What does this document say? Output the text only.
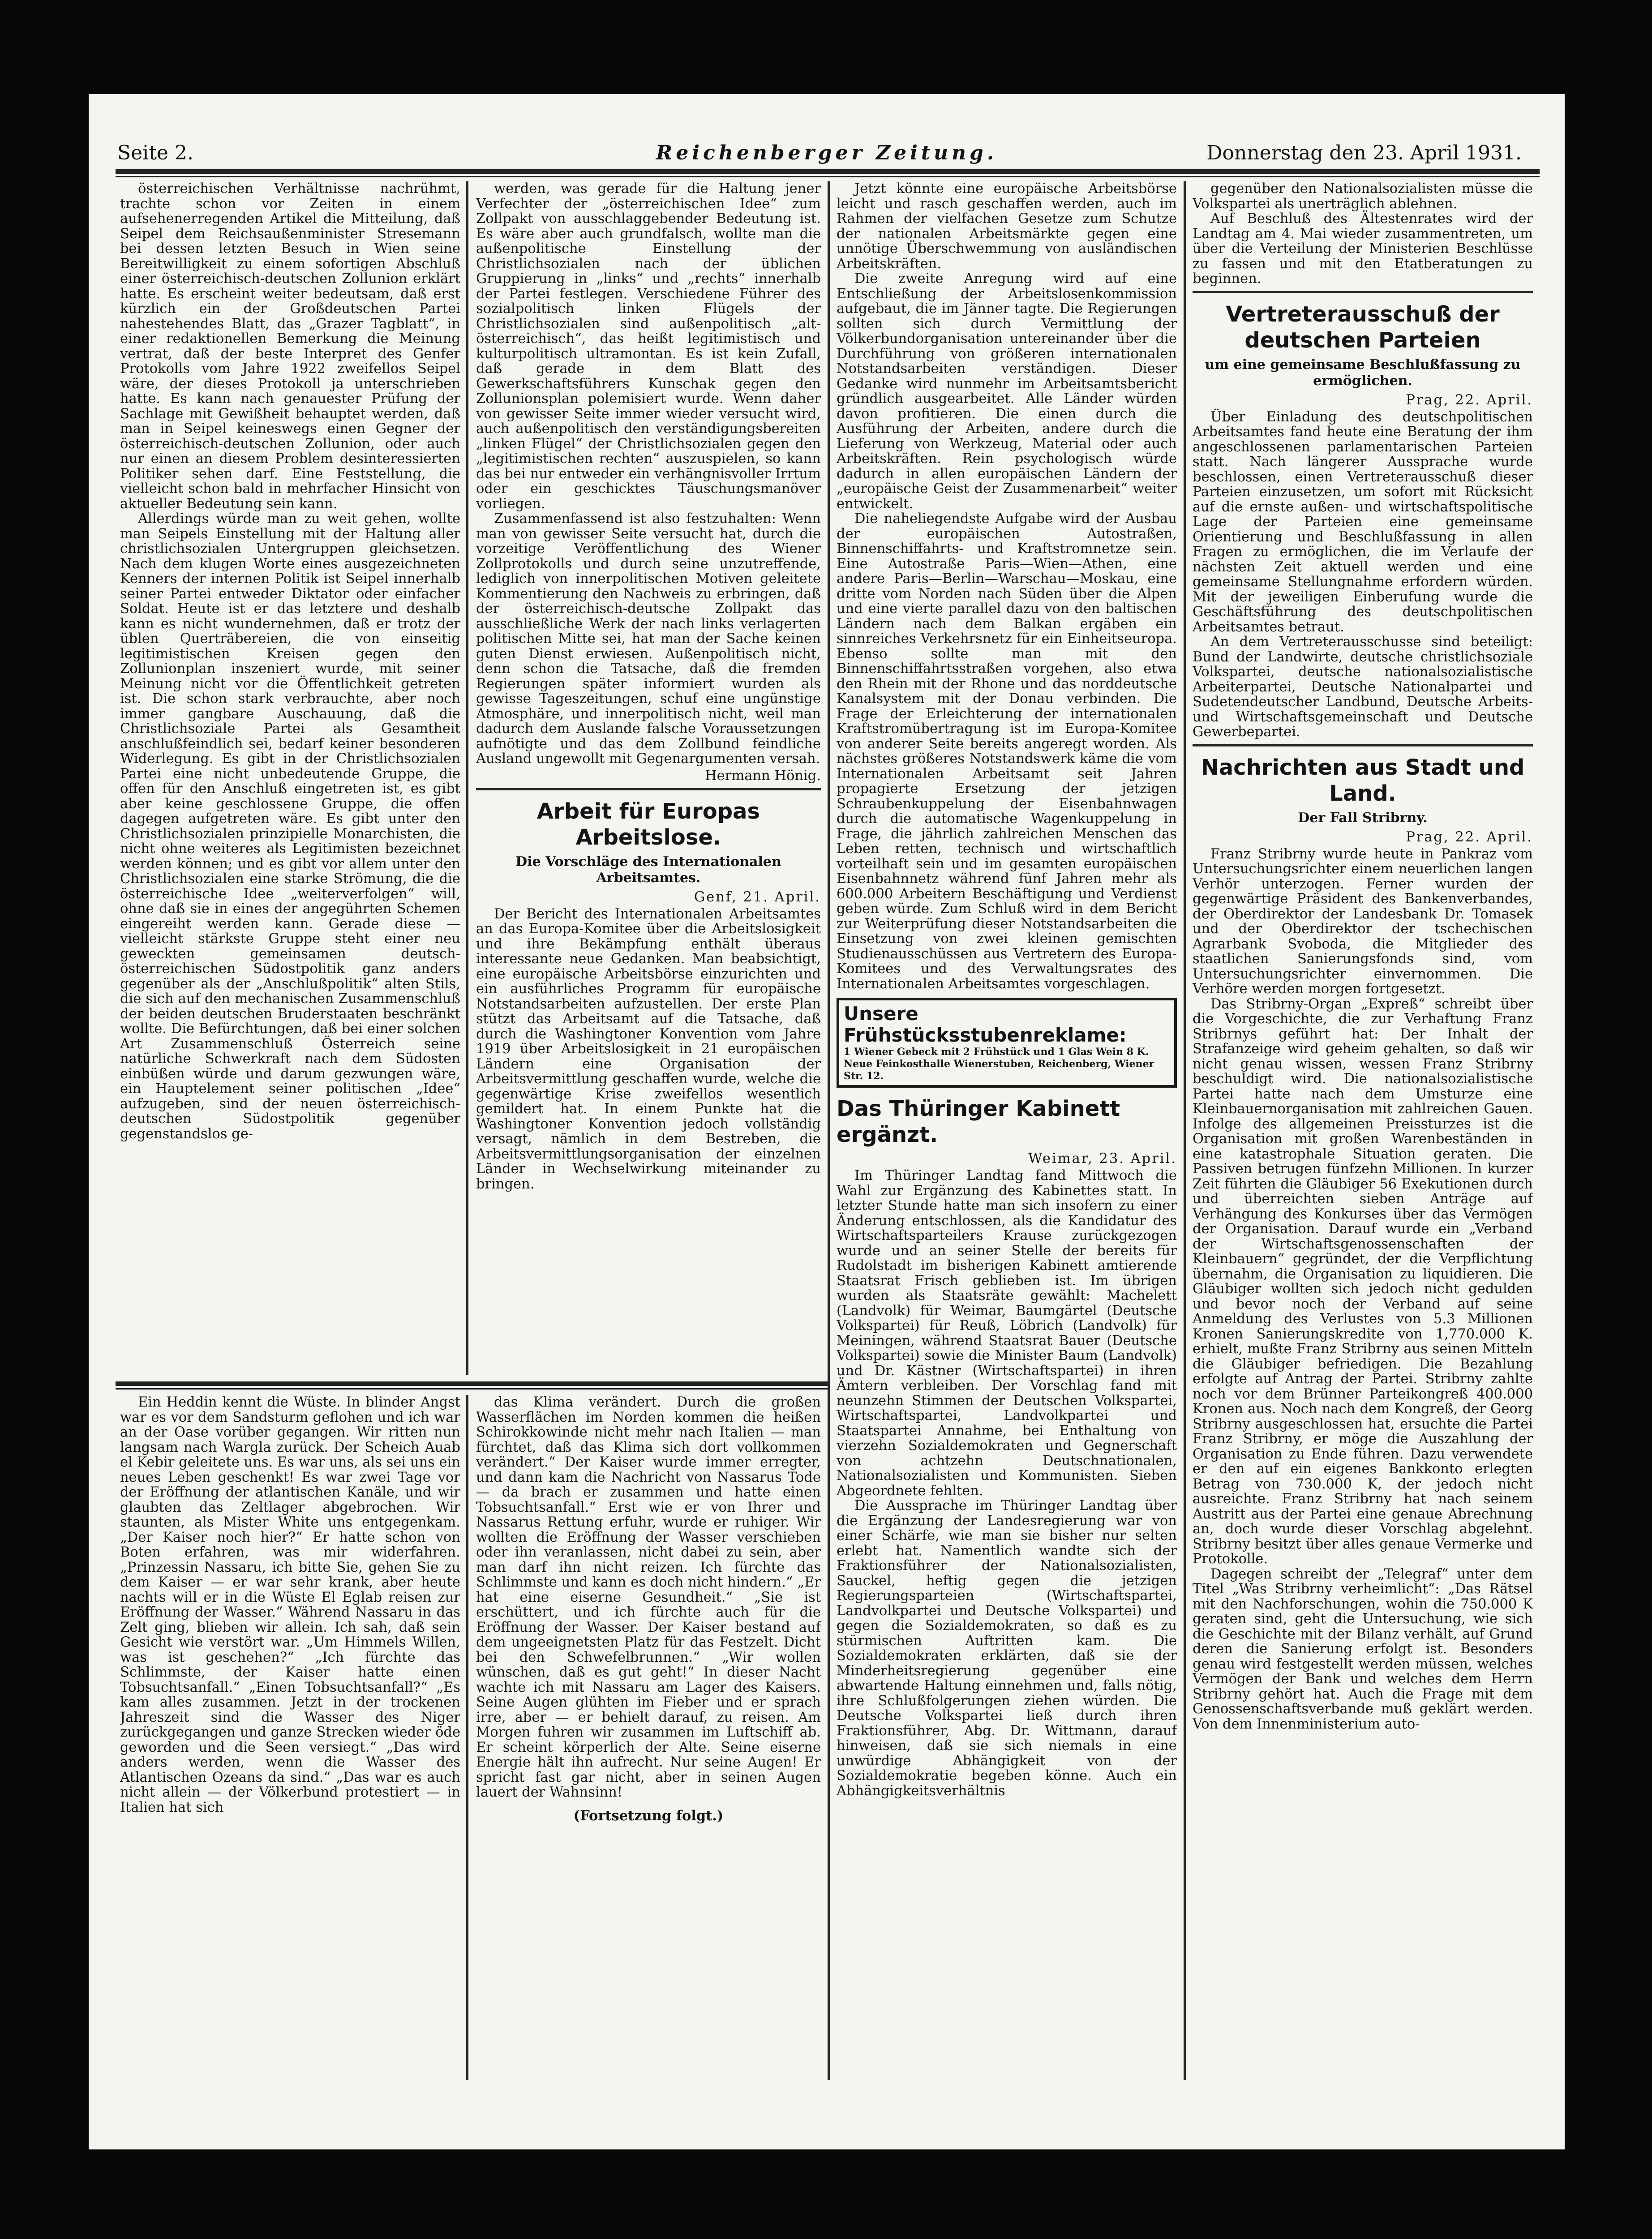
Seite 2.	Reichenberger Zeitung.	Donnerstag den 23. April 1931.

österreichischen Verhältnisse nachrühmt, trachte schon vor Zeiten in einem aufsehenerregenden Artikel die Mitteilung, daß Seipel dem Reichsaußenminister Stresemann bei dessen letzten Besuch in Wien seine Bereitwilligkeit zu einem sofortigen Abschluß einer österreichisch-deutschen Zollunion erklärt hatte. Es erscheint weiter bedeutsam, daß erst kürzlich ein der Großdeutschen Partei nahestehendes Blatt, das „Grazer Tagblatt“, in einer redaktionellen Bemerkung die Meinung vertrat, daß der beste Interpret des Genfer Protokolls vom Jahre 1922 zweifellos Seipel wäre, der dieses Protokoll ja unterschrieben hatte. Es kann nach genauester Prüfung der Sachlage mit Gewißheit behauptet werden, daß man in Seipel keineswegs einen Gegner der österreichisch-deutschen Zollunion, oder auch nur einen an diesem Problem desinteressierten Politiker sehen darf. Eine Feststellung, die vielleicht schon bald in mehrfacher Hinsicht von aktueller Bedeutung sein kann.

Allerdings würde man zu weit gehen, wollte man Seipels Einstellung mit der Haltung aller christlichsozialen Untergruppen gleichsetzen. Nach dem klugen Worte eines ausgezeichneten Kenners der internen Politik ist Seipel innerhalb seiner Partei entweder Diktator oder einfacher Soldat. Heute ist er das letztere und deshalb kann es nicht wundernehmen, daß er trotz der üblen Querträbereien, die von einseitig legitimistischen Kreisen gegen den Zollunionplan inszeniert wurde, mit seiner Meinung nicht vor die Öffentlichkeit getreten ist. Die schon stark verbrauchte, aber noch immer gangbare Auschauung, daß die Christlichsoziale Partei als Gesamtheit anschlußfeindlich sei, bedarf keiner besonderen Widerlegung. Es gibt in der Christlichsozialen Partei eine nicht unbedeutende Gruppe, die offen für den Anschluß eingetreten ist, es gibt aber keine geschlossene Gruppe, die offen dagegen aufgetreten wäre. Es gibt unter den Christlichsozialen prinzipielle Monarchisten, die nicht ohne weiteres als Legitimisten bezeichnet werden können; und es gibt vor allem unter den Christlichsozialen eine starke Strömung, die die österreichische Idee „weiterverfolgen“ will, ohne daß sie in eines der angegührten Schemen eingereiht werden kann. Gerade diese — vielleicht stärkste Gruppe steht einer neu geweckten gemeinsamen deutsch-österreichischen Südostpolitik ganz anders gegenüber als der „Anschlußpolitik“ alten Stils, die sich auf den mechanischen Zusammenschluß der beiden deutschen Bruderstaaten beschränkt wollte. Die Befürchtungen, daß bei einer solchen Art Zusammenschluß Österreich seine natürliche Schwerkraft nach dem Südosten einbüßen würde und darum gezwungen wäre, ein Hauptelement seiner politischen „Idee“ aufzugeben, sind der neuen österreichisch-deutschen Südostpolitik gegenüber gegenstandslos ge-

werden, was gerade für die Haltung jener Verfechter der „österreichischen Idee“ zum Zollpakt von ausschlaggebender Bedeutung ist. Es wäre aber auch grundfalsch, wollte man die außenpolitische Einstellung der Christlichsozialen nach der üblichen Gruppierung in „links“ und „rechts“ innerhalb der Partei festlegen. Verschiedene Führer des sozialpolitisch linken Flügels der Christlichsozialen sind außenpolitisch „alt-österreichisch“, das heißt legitimistisch und kulturpolitisch ultramontan. Es ist kein Zufall, daß gerade in dem Blatt des Gewerkschaftsführers Kunschak gegen den Zollunionsplan polemisiert wurde. Wenn daher von gewisser Seite immer wieder versucht wird, auch außenpolitisch den verständigungsbereiten „linken Flügel“ der Christlichsozialen gegen den „legitimistischen rechten“ auszuspielen, so kann das bei nur entweder ein verhängnisvoller Irrtum oder ein geschicktes Täuschungsmanöver vorliegen.

Zusammenfassend ist also festzuhalten: Wenn man von gewisser Seite versucht hat, durch die vorzeitige Veröffentlichung des Wiener Zollprotokolls und durch seine unzutreffende, lediglich von innerpolitischen Motiven geleitete Kommentierung den Nachweis zu erbringen, daß der österreichisch-deutsche Zollpakt das ausschließliche Werk der nach links verlagerten politischen Mitte sei, hat man der Sache keinen guten Dienst erwiesen. Außenpolitisch nicht, denn schon die Tatsache, daß die fremden Regierungen später informiert wurden als gewisse Tageszeitungen, schuf eine ungünstige Atmosphäre, und innerpolitisch nicht, weil man dadurch dem Auslande falsche Voraussetzungen aufnötigte und das dem Zollbund feindliche Ausland ungewollt mit Gegenargumenten versah.

Hermann Hönig.
Arbeit für Europas Arbeitslose.
Die Vorschläge des Internationalen Arbeitsamtes.
Genf, 21. April.

Der Bericht des Internationalen Arbeitsamtes an das Europa-Komitee über die Arbeitslosigkeit und ihre Bekämpfung enthält überaus interessante neue Gedanken. Man beabsichtigt, eine europäische Arbeitsbörse einzurichten und ein ausführliches Programm für europäische Notstandsarbeiten aufzustellen. Der erste Plan stützt das Arbeitsamt auf die Tatsache, daß durch die Washingtoner Konvention vom Jahre 1919 über Arbeitslosigkeit in 21 europäischen Ländern eine Organisation der Arbeitsvermittlung geschaffen wurde, welche die gegenwärtige Krise zweifellos wesentlich gemildert hat. In einem Punkte hat die Washingtoner Konvention jedoch vollständig versagt, nämlich in dem Bestreben, die Arbeitsvermittlungsorganisation der einzelnen Länder in Wechselwirkung miteinander zu bringen.

Jetzt könnte eine europäische Arbeitsbörse leicht und rasch geschaffen werden, auch im Rahmen der vielfachen Gesetze zum Schutze der nationalen Arbeitsmärkte gegen eine unnötige Überschwemmung von ausländischen Arbeitskräften.

Die zweite Anregung wird auf eine Entschließung der Arbeitslosenkommission aufgebaut, die im Jänner tagte. Die Regierungen sollten sich durch Vermittlung der Völkerbundorganisation untereinander über die Durchführung von größeren internationalen Notstandsarbeiten verständigen. Dieser Gedanke wird nunmehr im Arbeitsamtsbericht gründlich ausgearbeitet. Alle Länder würden davon profitieren. Die einen durch die Ausführung der Arbeiten, andere durch die Lieferung von Werkzeug, Material oder auch Arbeitskräften. Rein psychologisch würde dadurch in allen europäischen Ländern der „europäische Geist der Zusammenarbeit“ weiter entwickelt.

Die naheliegendste Aufgabe wird der Ausbau der europäischen Autostraßen, Binnenschiffahrts- und Kraftstromnetze sein. Eine Autostraße Paris—Wien—Athen, eine andere Paris—Berlin—Warschau—Moskau, eine dritte vom Norden nach Süden über die Alpen und eine vierte parallel dazu von den baltischen Ländern nach dem Balkan ergäben ein sinnreiches Verkehrsnetz für ein Einheitseuropa. Ebenso sollte man mit den Binnenschiffahrtsstraßen vorgehen, also etwa den Rhein mit der Rhone und das norddeutsche Kanalsystem mit der Donau verbinden. Die Frage der Erleichterung der internationalen Kraftstromübertragung ist im Europa-Komitee von anderer Seite bereits angeregt worden. Als nächstes größeres Notstandswerk käme die vom Internationalen Arbeitsamt seit Jahren propagierte Ersetzung der jetzigen Schraubenkuppelung der Eisenbahnwagen durch die automatische Wagenkuppelung in Frage, die jährlich zahlreichen Menschen das Leben retten, technisch und wirtschaftlich vorteilhaft sein und im gesamten europäischen Eisenbahnnetz während fünf Jahren mehr als 600.000 Arbeitern Beschäftigung und Verdienst geben würde. Zum Schluß wird in dem Bericht zur Weiterprüfung dieser Notstandsarbeiten die Einsetzung von zwei kleinen gemischten Studienausschüssen aus Vertretern des Europa-Komitees und des Verwaltungsrates des Internationalen Arbeitsamtes vorgeschlagen.

Unsere Frühstücksstubenreklame:
1 Wiener Gebeck mit 2 Frühstück und 1 Glas Wein 8 K. Neue Feinkosthalle Wienerstuben, Reichenberg, Wiener Str. 12.
Das Thüringer Kabinett ergänzt.
Weimar, 23. April.

Im Thüringer Landtag fand Mittwoch die Wahl zur Ergänzung des Kabinettes statt. In letzter Stunde hatte man sich insofern zu einer Änderung entschlossen, als die Kandidatur des Wirtschaftsparteilers Krause zurückgezogen wurde und an seiner Stelle der bereits für Rudolstadt im bisherigen Kabinett amtierende Staatsrat Frisch geblieben ist. Im übrigen wurden als Staatsräte gewählt: Machelett (Landvolk) für Weimar, Baumgärtel (Deutsche Volkspartei) für Reuß, Löbrich (Landvolk) für Meiningen, während Staatsrat Bauer (Deutsche Volkspartei) sowie die Minister Baum (Landvolk) und Dr. Kästner (Wirtschaftspartei) in ihren Ämtern verbleiben. Der Vorschlag fand mit neunzehn Stimmen der Deutschen Volkspartei, Wirtschaftspartei, Landvolkpartei und Staatspartei Annahme, bei Enthaltung von vierzehn Sozialdemokraten und Gegnerschaft von achtzehn Deutschnationalen, Nationalsozialisten und Kommunisten. Sieben Abgeordnete fehlten.

Die Aussprache im Thüringer Landtag über die Ergänzung der Landesregierung war von einer Schärfe, wie man sie bisher nur selten erlebt hat. Namentlich wandte sich der Fraktionsführer der Nationalsozialisten, Sauckel, heftig gegen die jetzigen Regierungsparteien (Wirtschaftspartei, Landvolkpartei und Deutsche Volkspartei) und gegen die Sozialdemokraten, so daß es zu stürmischen Auftritten kam. Die Sozialdemokraten erklärten, daß sie der Minderheitsregierung gegenüber eine abwartende Haltung einnehmen und, falls nötig, ihre Schlußfolgerungen ziehen würden. Die Deutsche Volkspartei ließ durch ihren Fraktionsführer, Abg. Dr. Wittmann, darauf hinweisen, daß sie sich niemals in eine unwürdige Abhängigkeit von der Sozialdemokratie begeben könne. Auch ein Abhängigkeitsverhältnis

gegenüber den Nationalsozialisten müsse die Volkspartei als unerträglich ablehnen.

Auf Beschluß des Ältestenrates wird der Landtag am 4. Mai wieder zusammentreten, um über die Verteilung der Ministerien Beschlüsse zu fassen und mit den Etatberatungen zu beginnen.

Vertreterausschuß der deutschen Parteien
um eine gemeinsame Beschlußfassung zu ermöglichen.
Prag, 22. April.

Über Einladung des deutschpolitischen Arbeitsamtes fand heute eine Beratung der ihm angeschlossenen parlamentarischen Parteien statt. Nach längerer Aussprache wurde beschlossen, einen Vertreterausschuß dieser Parteien einzusetzen, um sofort mit Rücksicht auf die ernste außen- und wirtschaftspolitische Lage der Parteien eine gemeinsame Orientierung und Beschlußfassung in allen Fragen zu ermöglichen, die im Verlaufe der nächsten Zeit aktuell werden und eine gemeinsame Stellungnahme erfordern würden. Mit der jeweiligen Einberufung wurde die Geschäftsführung des deutschpolitischen Arbeitsamtes betraut.

An dem Vertreterausschusse sind beteiligt: Bund der Landwirte, deutsche christlichsoziale Volkspartei, deutsche nationalsozialistische Arbeiterpartei, Deutsche Nationalpartei und Sudetendeutscher Landbund, Deutsche Arbeits- und Wirtschaftsgemeinschaft und Deutsche Gewerbepartei.

Nachrichten aus Stadt und Land.
Der Fall Stribrny.
Prag, 22. April.

Franz Stribrny wurde heute in Pankraz vom Untersuchungsrichter einem neuerlichen langen Verhör unterzogen. Ferner wurden der gegenwärtige Präsident des Bankenverbandes, der Oberdirektor der Landesbank Dr. Tomasek und der Oberdirektor der tschechischen Agrarbank Svoboda, die Mitglieder des staatlichen Sanierungsfonds sind, vom Untersuchungsrichter einvernommen. Die Verhöre werden morgen fortgesetzt.

Das Stribrny-Organ „Expreß“ schreibt über die Vorgeschichte, die zur Verhaftung Franz Stribrnys geführt hat: Der Inhalt der Strafanzeige wird geheim gehalten, so daß wir nicht genau wissen, wessen Franz Stribrny beschuldigt wird. Die nationalsozialistische Partei hatte nach dem Umsturze eine Kleinbauernorganisation mit zahlreichen Gauen. Infolge des allgemeinen Preissturzes ist die Organisation mit großen Warenbeständen in eine katastrophale Situation geraten. Die Passiven betrugen fünfzehn Millionen. In kurzer Zeit führten die Gläubiger 56 Exekutionen durch und überreichten sieben Anträge auf Verhängung des Konkurses über das Vermögen der Organisation. Darauf wurde ein „Verband der Wirtschaftsgenossenschaften der Kleinbauern“ gegründet, der die Verpflichtung übernahm, die Organisation zu liquidieren. Die Gläubiger wollten sich jedoch nicht gedulden und bevor noch der Verband auf seine Anmeldung des Verlustes von 5.3 Millionen Kronen Sanierungskredite von 1,770.000 K. erhielt, mußte Franz Stribrny aus seinen Mitteln die Gläubiger befriedigen. Die Bezahlung erfolgte auf Antrag der Partei. Stribrny zahlte noch vor dem Brünner Parteikongreß 400.000 Kronen aus. Noch nach dem Kongreß, der Georg Stribrny ausgeschlossen hat, ersuchte die Partei Franz Stribrny, er möge die Auszahlung der Organisation zu Ende führen. Dazu verwendete er den auf ein eigenes Bankkonto erlegten Betrag von 730.000 K, der jedoch nicht ausreichte. Franz Stribrny hat nach seinem Austritt aus der Partei eine genaue Abrechnung an, doch wurde dieser Vorschlag abgelehnt. Stribrny besitzt über alles genaue Vermerke und Protokolle.

Dagegen schreibt der „Telegraf“ unter dem Titel „Was Stribrny verheimlicht“: „Das Rätsel mit den Nachforschungen, wohin die 750.000 K geraten sind, geht die Untersuchung, wie sich die Geschichte mit der Bilanz verhält, auf Grund deren die Sanierung erfolgt ist. Besonders genau wird festgestellt werden müssen, welches Vermögen der Bank und welches dem Herrn Stribrny gehört hat. Auch die Frage mit dem Genossenschaftsverbande muß geklärt werden. Von dem Innenministerium auto-

Ein Heddin kennt die Wüste. In blinder Angst war es vor dem Sandsturm geflohen und ich war an der Oase vorüber gegangen. Wir ritten nun langsam nach Wargla zurück. Der Scheich Auab el Kebir geleitete uns. Es war uns, als sei uns ein neues Leben geschenkt! Es war zwei Tage vor der Eröffnung der atlantischen Kanäle, und wir glaubten das Zeltlager abgebrochen. Wir staunten, als Mister White uns entgegenkam. „Der Kaiser noch hier?“ Er hatte schon von Boten erfahren, was mir widerfahren. „Prinzessin Nassaru, ich bitte Sie, gehen Sie zu dem Kaiser — er war sehr krank, aber heute nachts will er in die Wüste El Eglab reisen zur Eröffnung der Wasser.“ Während Nassaru in das Zelt ging, blieben wir allein. Ich sah, daß sein Gesicht wie verstört war. „Um Himmels Willen, was ist geschehen?“ „Ich fürchte das Schlimmste, der Kaiser hatte einen Tobsuchtsanfall.“ „Einen Tobsuchtsanfall?“ „Es kam alles zusammen. Jetzt in der trockenen Jahreszeit sind die Wasser des Niger zurückgegangen und ganze Strecken wieder öde geworden und die Seen versiegt.“ „Das wird anders werden, wenn die Wasser des Atlantischen Ozeans da sind.“ „Das war es auch nicht allein — der Völkerbund protestiert — in Italien hat sich

das Klima verändert. Durch die großen Wasserflächen im Norden kommen die heißen Schirokkowinde nicht mehr nach Italien — man fürchtet, daß das Klima sich dort vollkommen verändert.“ Der Kaiser wurde immer erregter, und dann kam die Nachricht von Nassarus Tode — da brach er zusammen und hatte einen Tobsuchtsanfall.“ Erst wie er von Ihrer und Nassarus Rettung erfuhr, wurde er ruhiger. Wir wollten die Eröffnung der Wasser verschieben oder ihn veranlassen, nicht dabei zu sein, aber man darf ihn nicht reizen. Ich fürchte das Schlimmste und kann es doch nicht hindern.“ „Er hat eine eiserne Gesundheit.“ „Sie ist erschüttert, und ich fürchte auch für die Eröffnung der Wasser. Der Kaiser bestand auf dem ungeeignetsten Platz für das Festzelt. Dicht bei den Schwefelbrunnen.“ „Wir wollen wünschen, daß es gut geht!“ In dieser Nacht wachte ich mit Nassaru am Lager des Kaisers. Seine Augen glühten im Fieber und er sprach irre, aber — er behielt darauf, zu reisen. Am Morgen fuhren wir zusammen im Luftschiff ab. Er scheint körperlich der Alte. Seine eiserne Energie hält ihn aufrecht. Nur seine Augen! Er spricht fast gar nicht, aber in seinen Augen lauert der Wahnsinn!

(Fortsetzung folgt.)
